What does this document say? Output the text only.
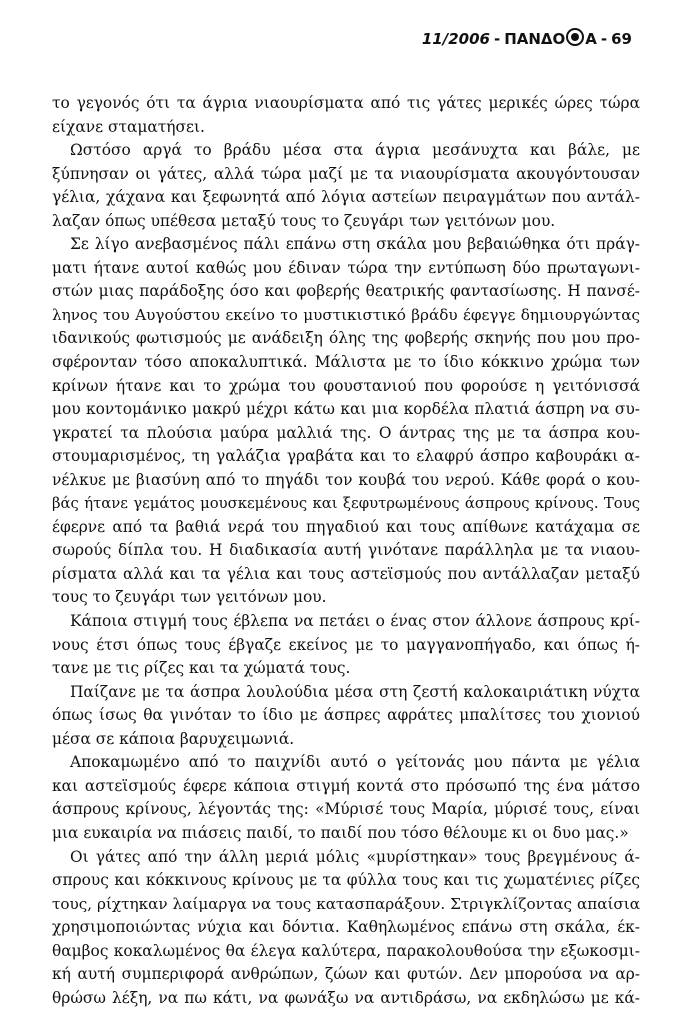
11/2006 - ΠΑΝΔΟ Α - 69
το γεγονός ότι τα άγρια νιαουρίσματα από τις γάτες μερικές ώρες τώρα
είχανε σταματήσει.
Ωστόσο αργά το βράδυ μέσα στα άγρια μεσάνυχτα και βάλε, με
ξύπνησαν οι γάτες, αλλά τώρα μαζί με τα νιαουρίσματα ακουγόντουσαν
γέλια, χάχανα και ξεφωνητά από λόγια αστείων πειραγμάτων που αντάλ-
λαζαν όπως υπέθεσα μεταξύ τους το ζευγάρι των γειτόνων μου.
Σε λίγο ανεβασμένος πάλι επάνω στη σκάλα μου βεβαιώθηκα ότι πράγ-
ματι ήτανε αυτοί καθώς μου έδιναν τώρα την εντύπωση δύο πρωταγωνι-
στών μιας παράδοξης όσο και φοβερής θεατρικής φαντασίωσης. Η πανσέ-
ληνος του Αυγούστου εκείνο το μυστικιστικό βράδυ έφεγγε δημιουργώντας
ιδανικούς φωτισμούς με ανάδειξη όλης της φοβερής σκηνής που μου προ-
σφέρονταν τόσο αποκαλυπτικά. Μάλιστα με το ίδιο κόκκινο χρώμα των
κρίνων ήτανε και το χρώμα του φουστανιού που φορούσε η γειτόνισσά
μου κοντομάνικο μακρύ μέχρι κάτω και μια κορδέλα πλατιά άσπρη να συ-
γκρατεί τα πλούσια μαύρα μαλλιά της. Ο άντρας της με τα άσπρα κου-
στουμαρισμένος, τη γαλάζια γραβάτα και το ελαφρύ άσπρο καβουράκι α-
νέλκυε με βιασύνη από το πηγάδι τον κουβά του νερού. Κάθε φορά ο κου-
βάς ήτανε γεμάτος μουσκεμένους και ξεφυτρωμένους άσπρους κρίνους. Τους
έφερνε από τα βαθιά νερά του πηγαδιού και τους απίθωνε κατάχαμα σε
σωρούς δίπλα του. Η διαδικασία αυτή γινότανε παράλληλα με τα νιαου-
ρίσματα αλλά και τα γέλια και τους αστεϊσμούς που αντάλλαζαν μεταξύ
τους το ζευγάρι των γειτόνων μου.
Κάποια στιγμή τους έβλεπα να πετάει ο ένας στον άλλονε άσπρους κρί-
νους έτσι όπως τους έβγαζε εκείνος με το μαγγανοπήγαδο, και όπως ή-
τανε με τις ρίζες και τα χώματά τους.
Παίζανε με τα άσπρα λουλούδια μέσα στη ζεστή καλοκαιριάτικη νύχτα
όπως ίσως θα γινόταν το ίδιο με άσπρες αφράτες μπαλίτσες του χιονιού
μέσα σε κάποια βαρυχειμωνιά.
Αποκαμωμένο από το παιχνίδι αυτό ο γείτονάς μου πάντα με γέλια
και αστεϊσμούς έφερε κάποια στιγμή κοντά στο πρόσωπό της ένα μάτσο
άσπρους κρίνους, λέγοντάς της: «Μύρισέ τους Μαρία, μύρισέ τους, είναι
μια ευκαιρία να πιάσεις παιδί, το παιδί που τόσο θέλουμε κι οι δυο μας.»
Οι γάτες από την άλλη μεριά μόλις «μυρίστηκαν» τους βρεγμένους ά-
σπρους και κόκκινους κρίνους με τα φύλλα τους και τις χωματένιες ρίζες
τους, ρίχτηκαν λαίμαργα να τους κατασπαράξουν. Στριγκλίζοντας απαίσια
χρησιμοποιώντας νύχια και δόντια. Καθηλωμένος επάνω στη σκάλα, έκ-
θαμβος κοκαλωμένος θα έλεγα καλύτερα, παρακολουθούσα την εξωκοσμι-
κή αυτή συμπεριφορά ανθρώπων, ζώων και φυτών. Δεν μπορούσα να αρ-
θρώσω λέξη, να πω κάτι, να φωνάξω να αντιδράσω, να εκδηλώσω με κά-
